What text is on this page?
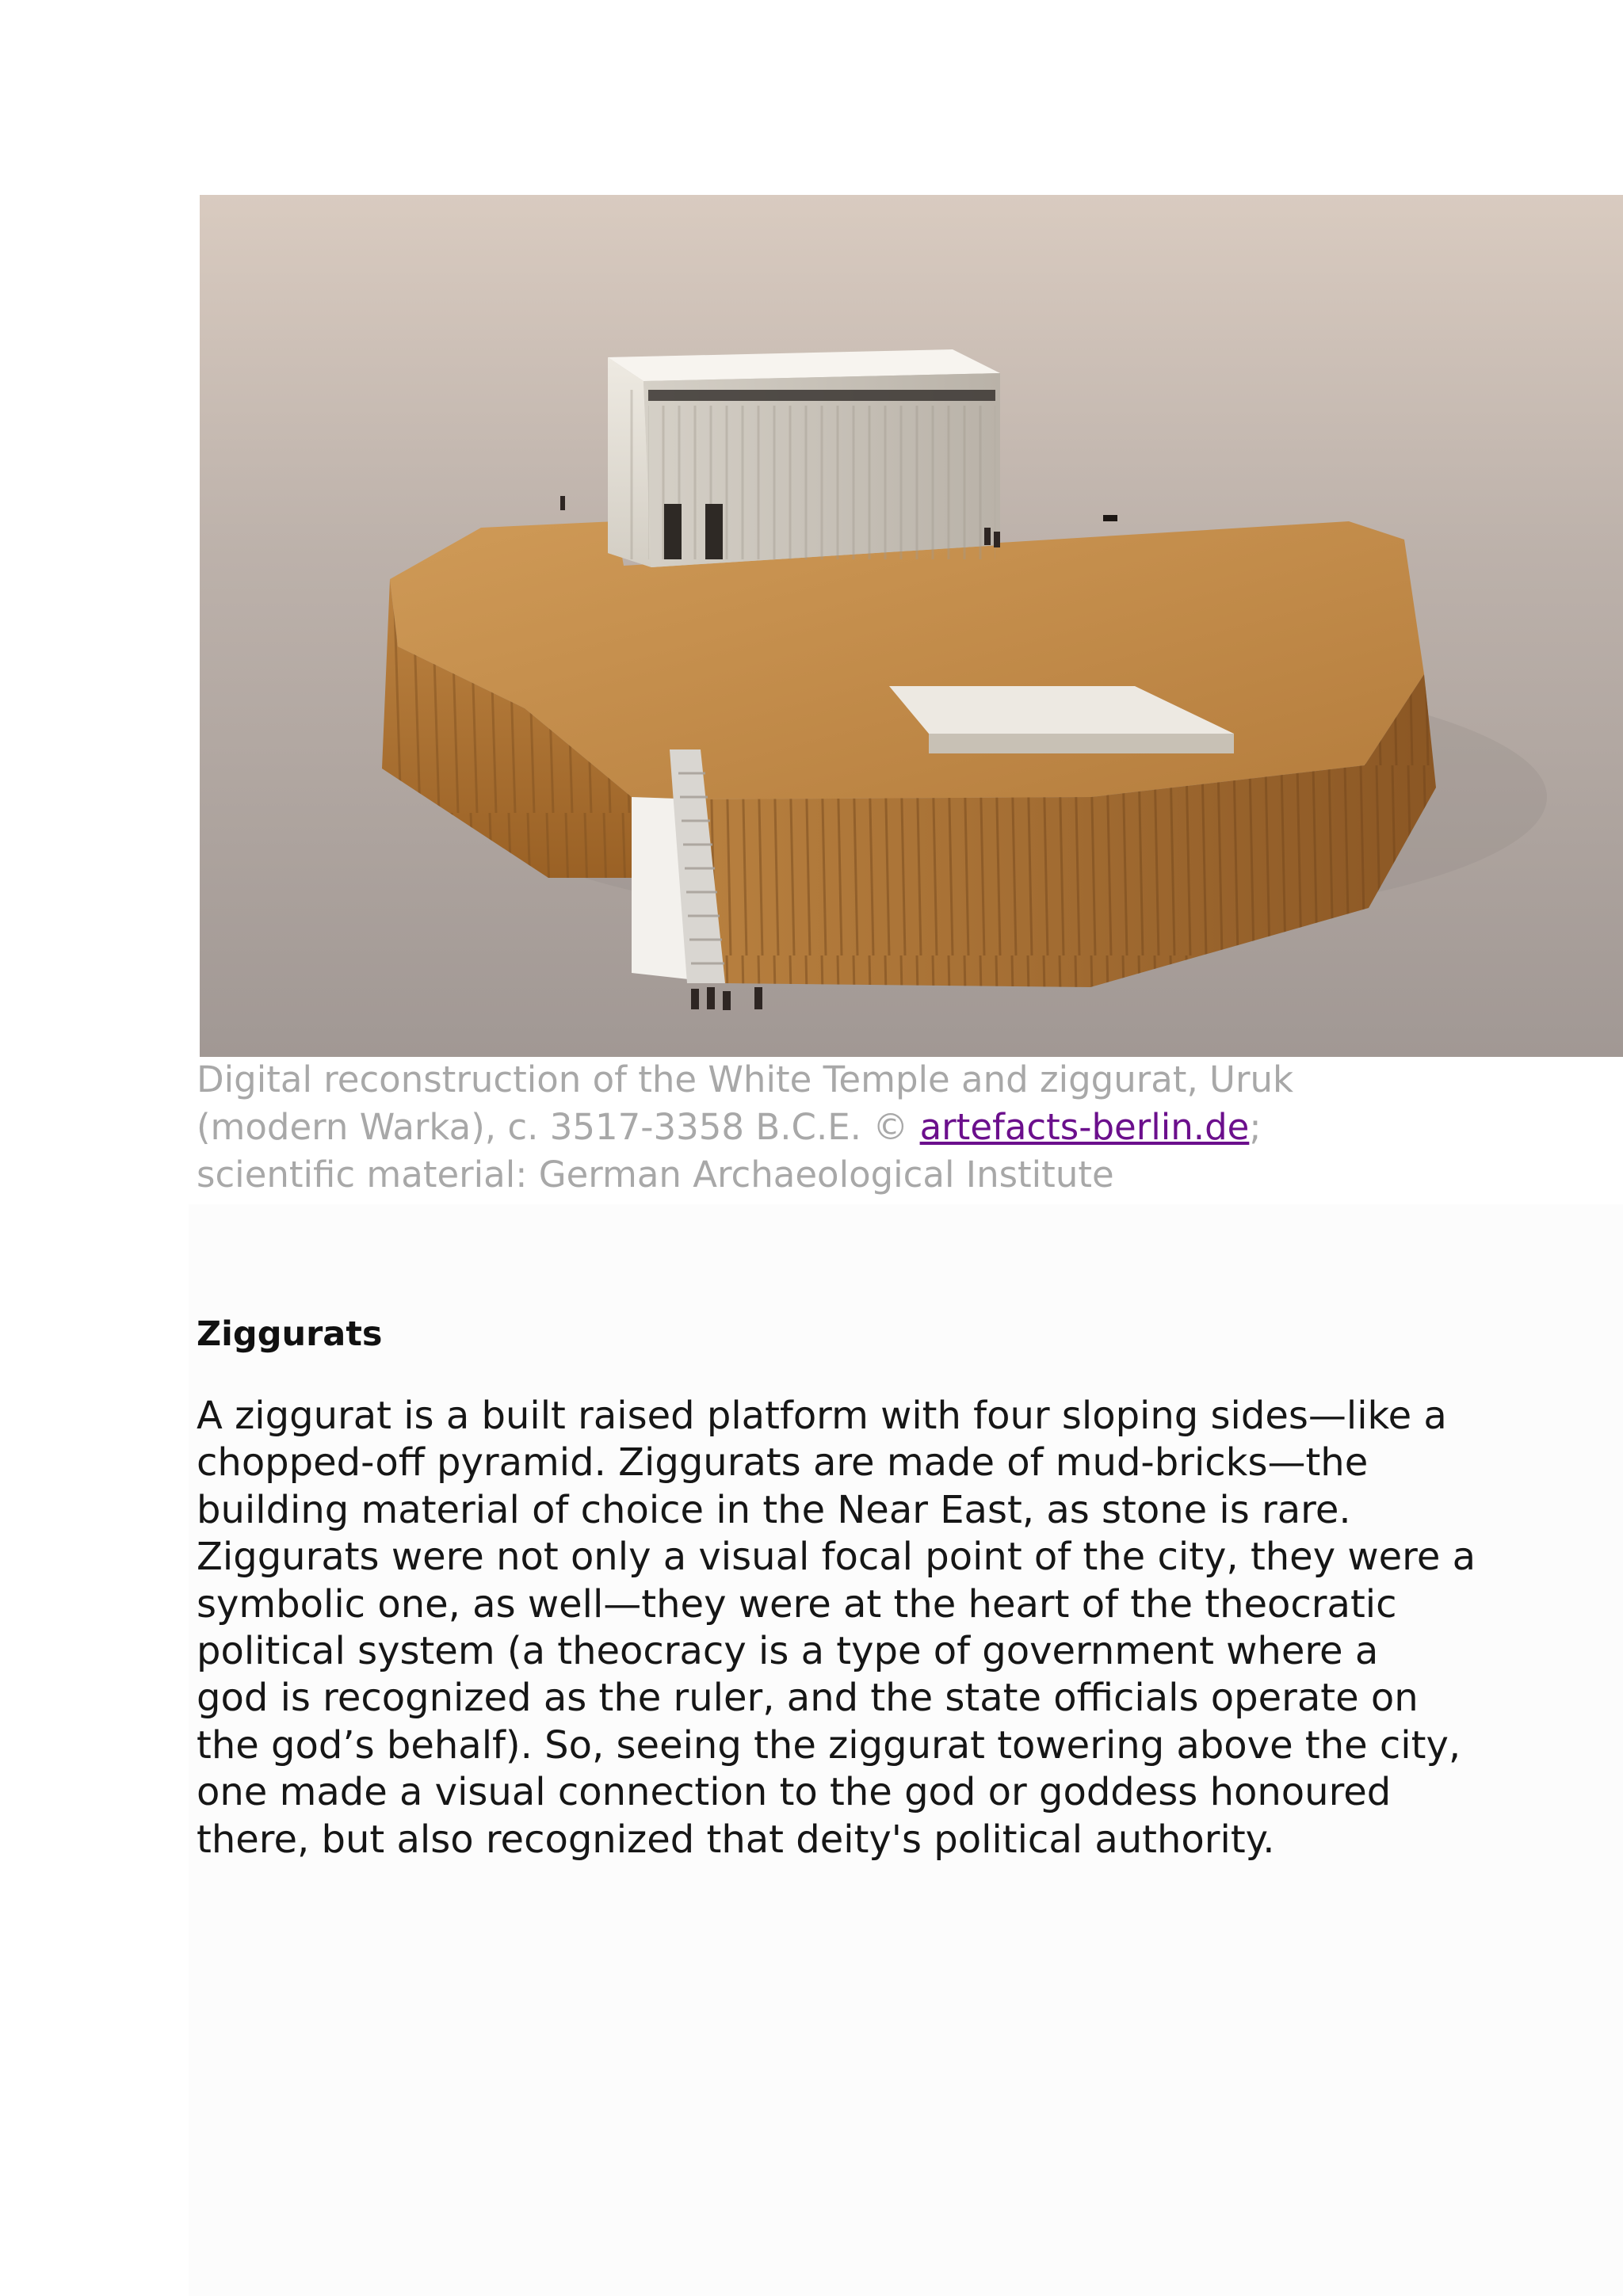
Digital reconstruction of the White Temple and ziggurat, Uruk (modern Warka), c. 3517-3358 B.C.E. © artefacts-berlin.de; scientific material: German Archaeological Institute
Ziggurats
A ziggurat is a built raised platform with four sloping sides—like a
chopped-off pyramid. Ziggurats are made of mud-bricks—the
building material of choice in the Near East, as stone is rare.
Ziggurats were not only a visual focal point of the city, they were a
symbolic one, as well—they were at the heart of the theocratic
political system (a theocracy is a type of government where a
god is recognized as the ruler, and the state officials operate on
the god’s behalf). So, seeing the ziggurat towering above the city,
one made a visual connection to the god or goddess honoured
there, but also recognized that deity's political authority.
